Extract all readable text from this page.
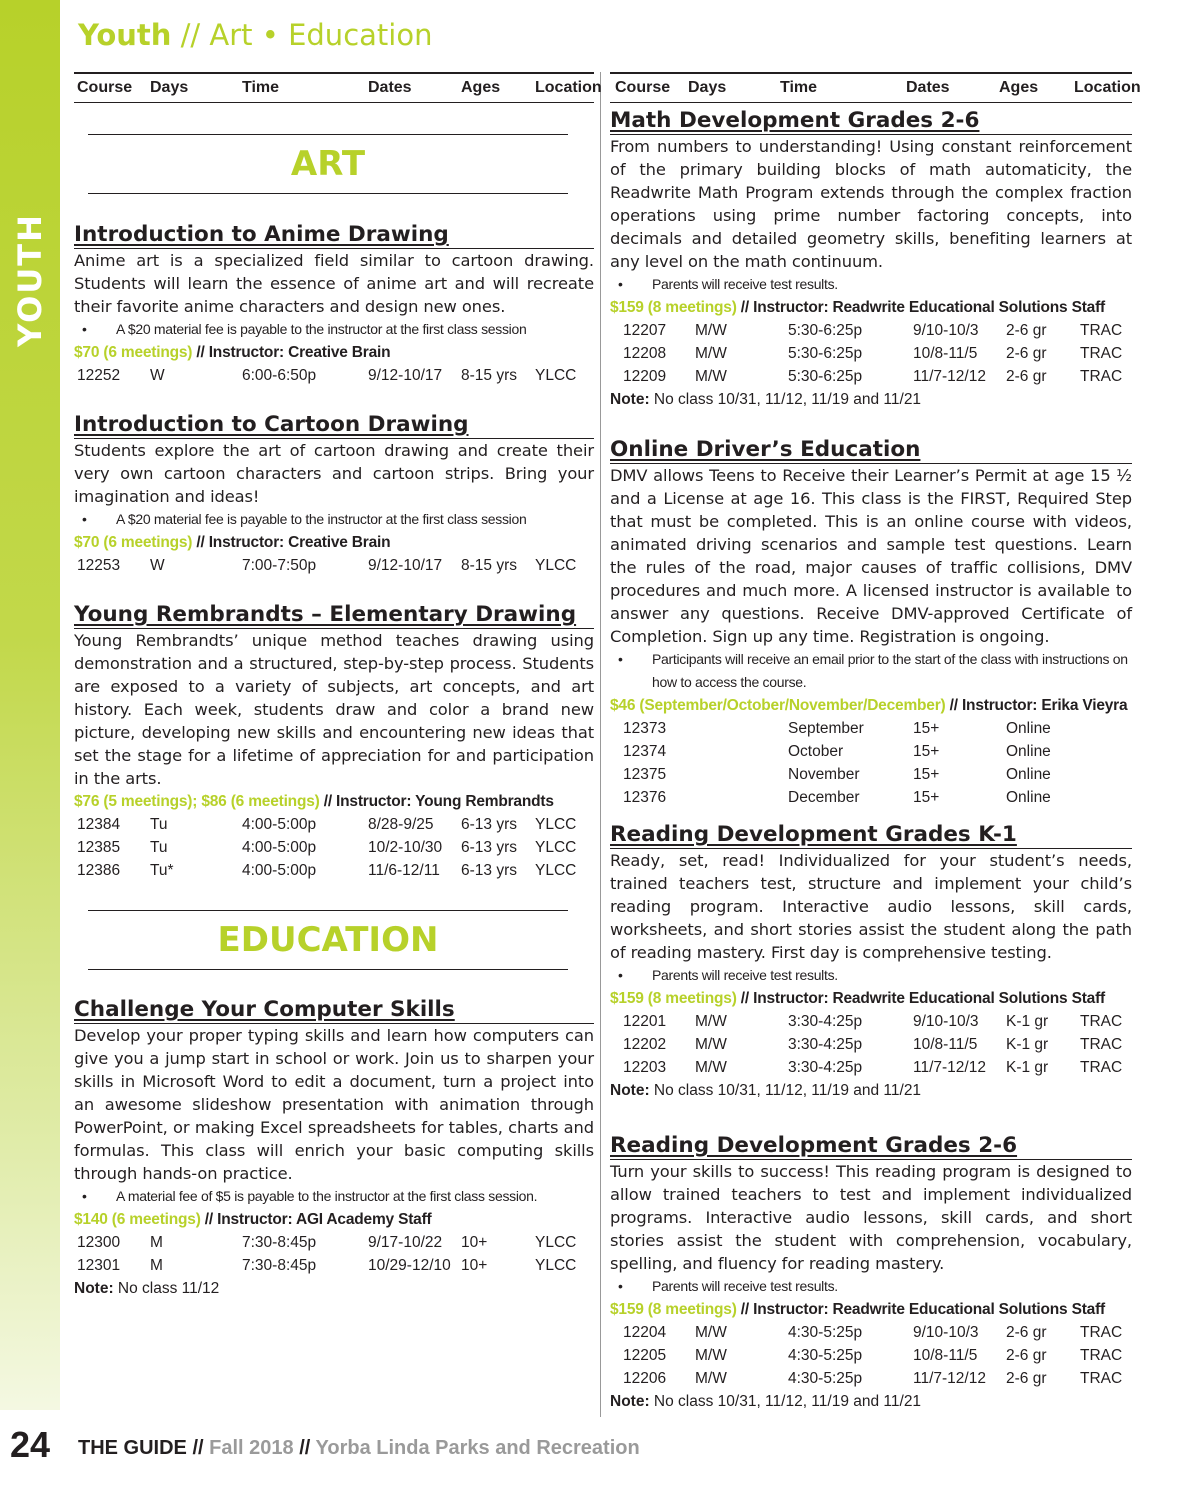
YOUTH
24	THE GUIDE // Fall 2018 // Yorba Linda Parks and Recreation
Youth // Art • Education
Course Days	Time	Dates	Ages Location
ART
EDUCATION
Introduction to Anime Drawing

Anime art is a specialized field similar to cartoon drawing. Students will learn the essence of anime art and will recreate their favorite anime characters and design new ones.

• A $20 material fee is payable to the instructor at the first class session
$70 (6 meetings) // Instructor: Creative Brain
12252 W	6:00-6:50p	9/12-10/17 8-15 yrs YLCC
Introduction to Cartoon Drawing

Students explore the art of cartoon drawing and create their very own cartoon characters and cartoon strips. Bring your imagination and ideas!

• A $20 material fee is payable to the instructor at the first class session
$70 (6 meetings) // Instructor: Creative Brain
12253 W	7:00-7:50p	9/12-10/17 8-15 yrs YLCC
Young Rembrandts – Elementary Drawing

Young Rembrandts’ unique method teaches drawing using demonstration and a structured, step-by-step process. Students are exposed to a variety of subjects, art concepts, and art history. Each week, students draw and color a brand new picture, developing new skills and encountering new ideas that set the stage for a lifetime of appreciation for and participation in the arts.

$76 (5 meetings); $86 (6 meetings) // Instructor: Young Rembrandts
12384 Tu	4:00-5:00p	8/28-9/25 6-13 yrs YLCC
12385 Tu	4:00-5:00p	10/2-10/30 6-13 yrs YLCC
12386 Tu*	4:00-5:00p	11/6-12/11 6-13 yrs YLCC
Challenge Your Computer Skills

Develop your proper typing skills and learn how computers can give you a jump start in school or work. Join us to sharpen your skills in Microsoft Word to edit a document, turn a project into an awesome slideshow presentation with animation through PowerPoint, or making Excel spreadsheets for tables, charts and formulas. This class will enrich your basic computing skills through hands-on practice.

• A material fee of $5 is payable to the instructor at the first class session.
$140 (6 meetings) // Instructor: AGI Academy Staff
12300 M	7:30-8:45p	9/17-10/22 10+	YLCC
12301 M	7:30-8:45p	10/29-12/10 10+	YLCC
Note: No class 11/12
Course Days	Time	Dates	Ages Location
Math Development Grades 2-6

From numbers to understanding! Using constant reinforcement of the primary building blocks of math automaticity, the Readwrite Math Program extends through the complex fraction operations using prime number factoring concepts, into decimals and detailed geometry skills, benefiting learners at any level on the math continuum.

• Parents will receive test results.
$159 (8 meetings) // Instructor: Readwrite Educational Solutions Staff
12207 M/W	5:30-6:25p	9/10-10/3 2-6 gr TRAC
12208 M/W	5:30-6:25p	10/8-11/5 2-6 gr TRAC
12209 M/W	5:30-6:25p	11/7-12/12 2-6 gr TRAC
Note: No class 10/31, 11/12, 11/19 and 11/21
Online Driver’s Education

DMV allows Teens to Receive their Learner’s Permit at age 15 ½ and a License at age 16. This class is the FIRST, Required Step that must be completed. This is an online course with videos, animated driving scenarios and sample test questions. Learn the rules of the road, major causes of traffic collisions, DMV procedures and much more. A licensed instructor is available to answer any questions. Receive DMV-approved Certificate of Completion. Sign up any time. Registration is ongoing.

• Participants will receive an email prior to the start of the class with instructions on how to access the course.
$46 (September/October/November/December) // Instructor: Erika Vieyra
12373	September	15+	Online
12374	October	15+	Online
12375	November	15+	Online
12376	December	15+	Online
Reading Development Grades K-1

Ready, set, read! Individualized for your student’s needs, trained teachers test, structure and implement your child’s reading program. Interactive audio lessons, skill cards, worksheets, and short stories assist the student along the path of reading mastery. First day is comprehensive testing.

• Parents will receive test results.
$159 (8 meetings) // Instructor: Readwrite Educational Solutions Staff
12201 M/W	3:30-4:25p	9/10-10/3 K-1 gr TRAC
12202 M/W	3:30-4:25p	10/8-11/5 K-1 gr TRAC
12203 M/W	3:30-4:25p	11/7-12/12 K-1 gr TRAC
Note: No class 10/31, 11/12, 11/19 and 11/21
Reading Development Grades 2-6

Turn your skills to success! This reading program is designed to allow trained teachers to test and implement individualized programs. Interactive audio lessons, skill cards, and short stories assist the student with comprehension, vocabulary, spelling, and fluency for reading mastery.

• Parents will receive test results.
$159 (8 meetings) // Instructor: Readwrite Educational Solutions Staff
12204 M/W	4:30-5:25p	9/10-10/3 2-6 gr TRAC
12205 M/W	4:30-5:25p	10/8-11/5 2-6 gr TRAC
12206 M/W	4:30-5:25p	11/7-12/12 2-6 gr TRAC
Note: No class 10/31, 11/12, 11/19 and 11/21
